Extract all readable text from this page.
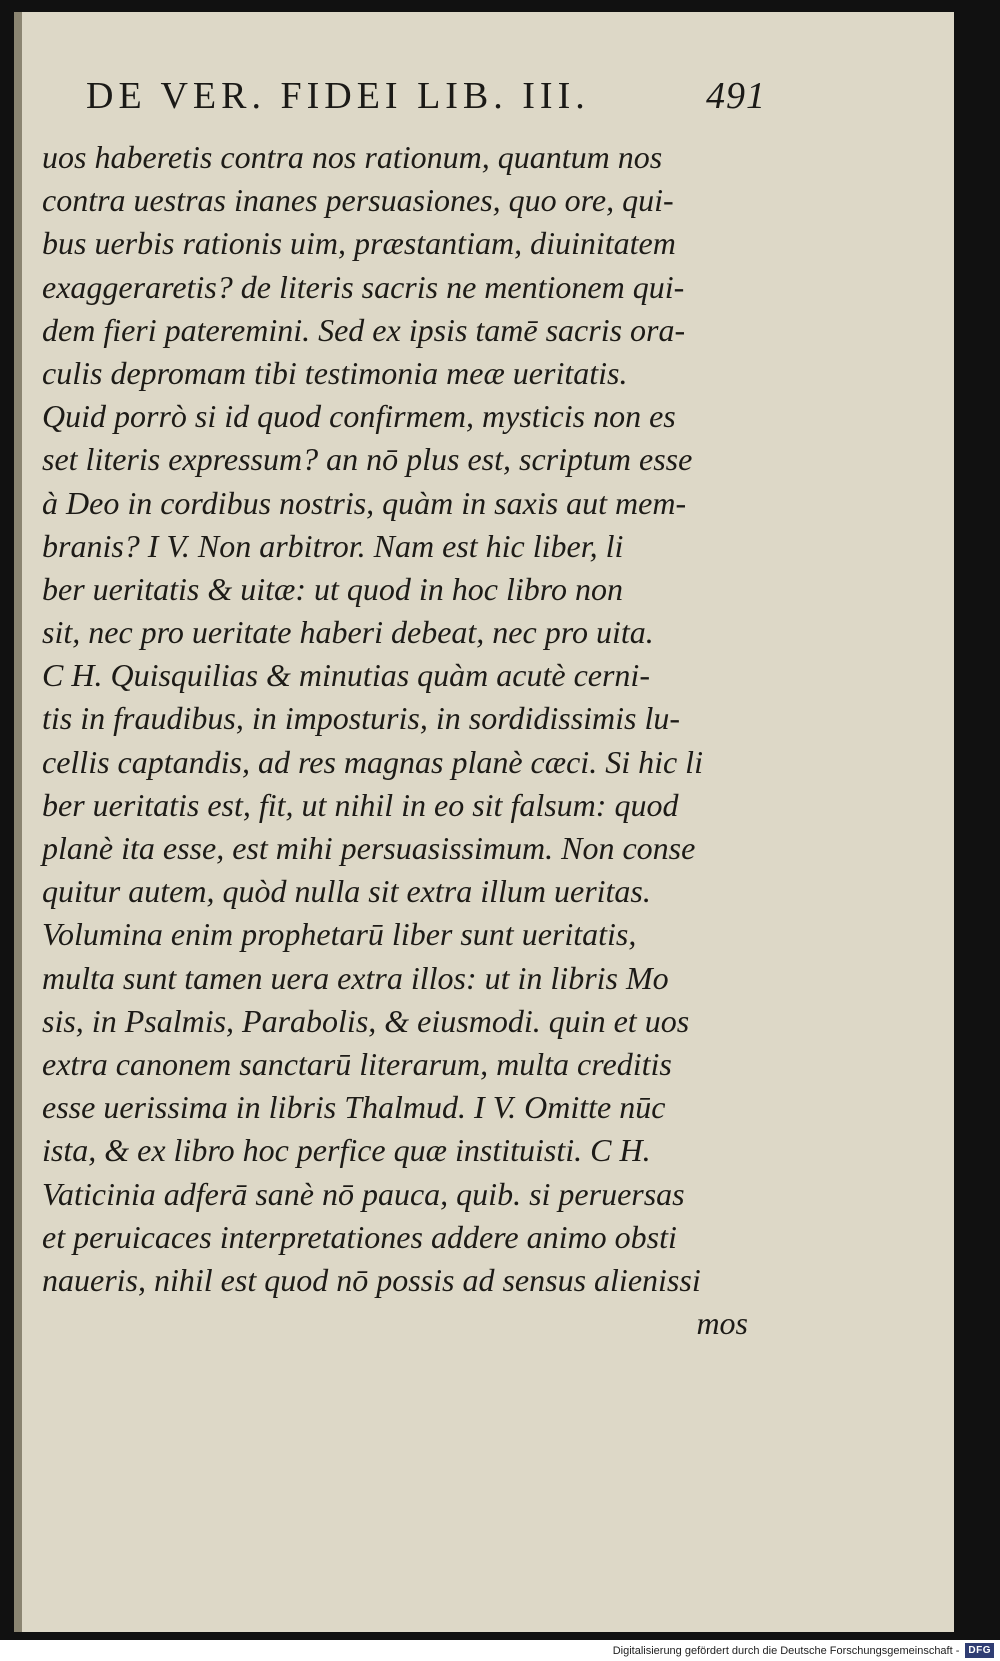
DE VER. FIDEI LIB. III.	491
uos haberetis contra nos rationum, quantum nos
contra uestras inanes persuasiones, quo ore, qui-
bus uerbis rationis uim, præstantiam, diuinitatem
exaggeraretis? de literis sacris ne mentionem qui-
dem fieri pateremini. Sed ex ipsis tamē sacris ora-
culis depromam tibi testimonia meæ ueritatis.
Quid porrò si id quod confirmem, mysticis non es
set literis expressum? an nō plus est, scriptum esse
à Deo in cordibus nostris, quàm in saxis aut mem-
branis? I V. Non arbitror. Nam est hic liber, li
ber ueritatis & uitæ: ut quod in hoc libro non
sit, nec pro ueritate haberi debeat, nec pro uita.
C H. Quisquilias & minutias quàm acutè cerni-
tis in fraudibus, in imposturis, in sordidissimis lu-
cellis captandis, ad res magnas planè cæci. Si hic li
ber ueritatis est, fit, ut nihil in eo sit falsum: quod
planè ita esse, est mihi persuasissimum. Non conse
quitur autem, quòd nulla sit extra illum ueritas.
Volumina enim prophetarū liber sunt ueritatis,
multa sunt tamen uera extra illos: ut in libris Mo
sis, in Psalmis, Parabolis, & eiusmodi. quin et uos
extra canonem sanctarū literarum, multa creditis
esse uerissima in libris Thalmud. I V. Omitte nūc
ista, & ex libro hoc perfice quæ instituisti. C H.
Vaticinia adferā sanè nō pauca, quib. si peruersas
et peruicaces interpretationes addere animo obsti
naueris, nihil est quod nō possis ad sensus alienissi
mos
Digitalisierung gefördert durch die Deutsche Forschungsgemeinschaft - DFG
